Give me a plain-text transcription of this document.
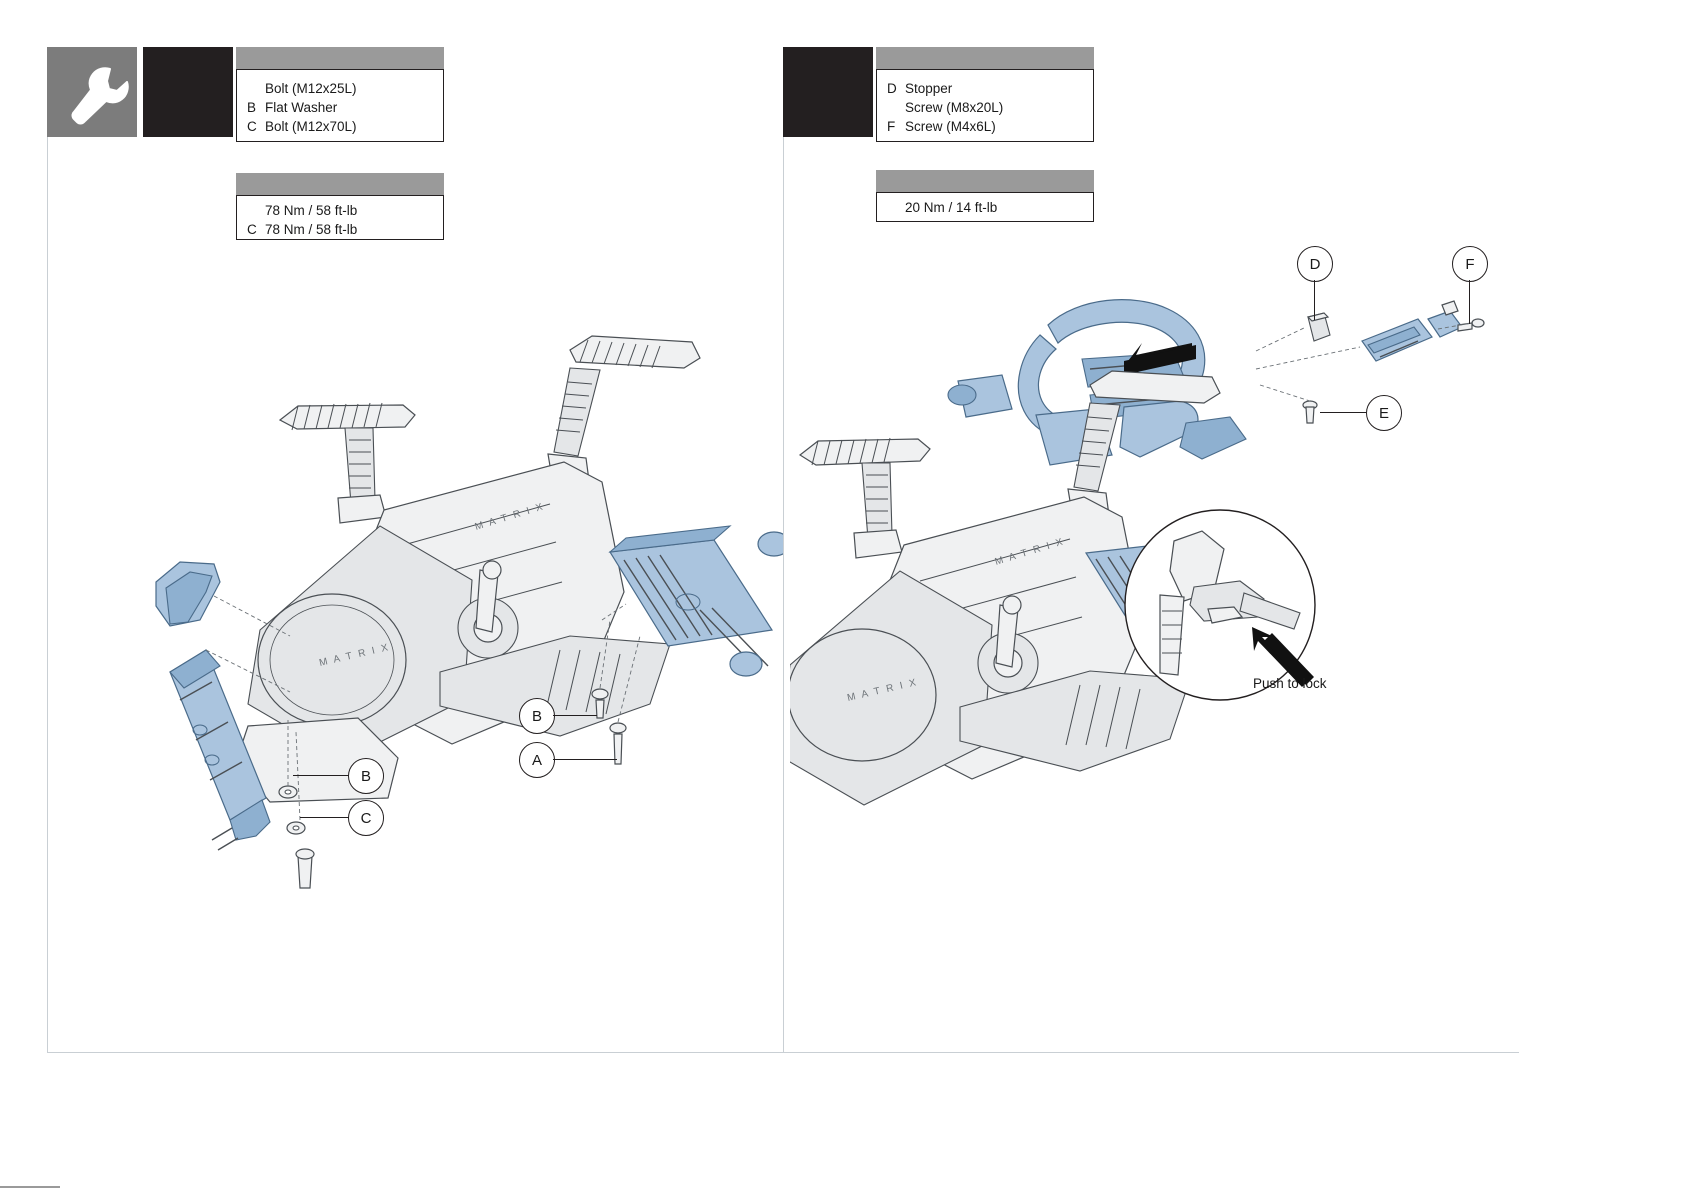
Bolt (M12x25L)
B Flat Washer
C Bolt (M12x70L)
78 Nm / 58 ft-lb
C 78 Nm / 58 ft-lb
M A T R I X
M A T R I X
B
A
B
C
D Stopper
Screw (M8x20L)
F Screw (M4x6L)
20 Nm / 14 ft-lb
M A T R I X
M A T R I X
D	F
E
Push to lock
